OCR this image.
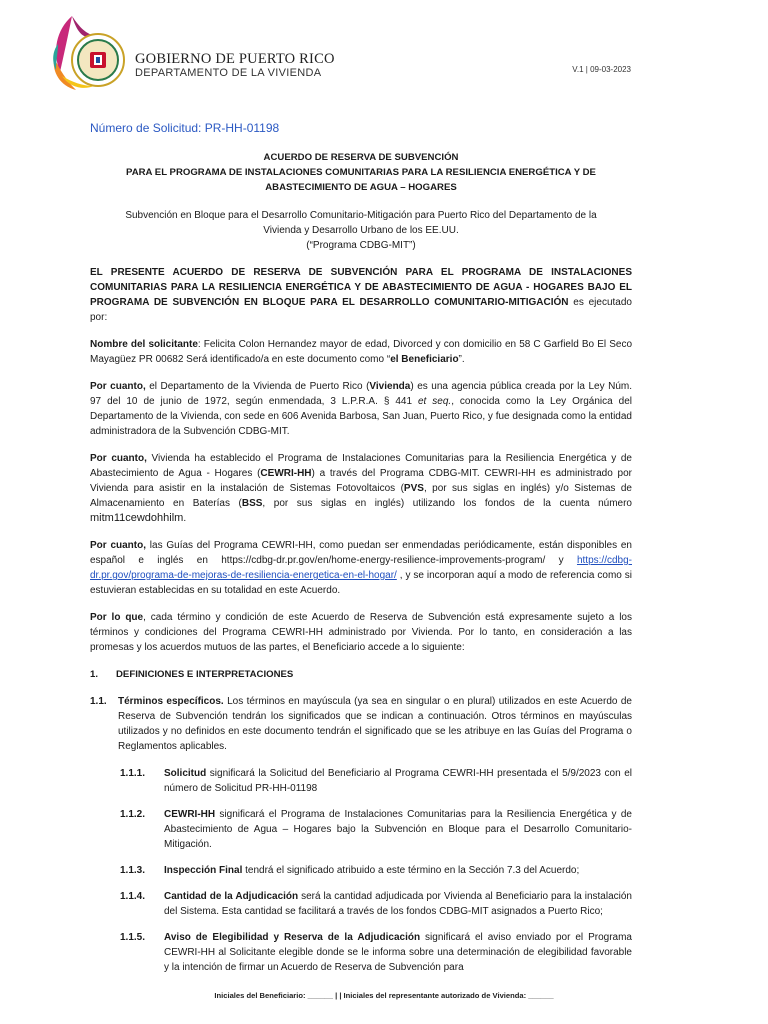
GOBIERNO DE PUERTO RICO
DEPARTAMENTO DE LA VIVIENDA	V.1 | 09-03-2023
Número de Solicitud: PR-HH-01198
ACUERDO DE RESERVA DE SUBVENCIÓN
PARA EL PROGRAMA DE INSTALACIONES COMUNITARIAS PARA LA RESILIENCIA ENERGÉTICA Y DE
ABASTECIMIENTO DE AGUA – HOGARES

Subvención en Bloque para el Desarrollo Comunitario-Mitigación para Puerto Rico del Departamento de la
Vivienda y Desarrollo Urbano de los EE.UU.
(“Programa CDBG-MIT”)

EL PRESENTE ACUERDO DE RESERVA DE SUBVENCIÓN PARA EL PROGRAMA DE INSTALACIONES COMUNITARIAS PARA LA RESILIENCIA ENERGÉTICA Y DE ABASTECIMIENTO DE AGUA - HOGARES BAJO EL PROGRAMA DE SUBVENCIÓN EN BLOQUE PARA EL DESARROLLO COMUNITARIO-MITIGACIÓN es ejecutado por:

Nombre del solicitante: Felicita Colon Hernandez mayor de edad, Divorced y con domicilio en 58 C Garfield Bo El Seco Mayagüez PR 00682 Será identificado/a en este documento como “el Beneficiario”.

Por cuanto, el Departamento de la Vivienda de Puerto Rico (Vivienda) es una agencia pública creada por la Ley Núm. 97 del 10 de junio de 1972, según enmendada, 3 L.P.R.A. § 441 et seq., conocida como la Ley Orgánica del Departamento de la Vivienda, con sede en 606 Avenida Barbosa, San Juan, Puerto Rico, y fue designada como la entidad administradora de la Subvención CDBG-MIT.

Por cuanto, Vivienda ha establecido el Programa de Instalaciones Comunitarias para la Resiliencia Energética y de Abastecimiento de Agua - Hogares (CEWRI-HH) a través del Programa CDBG-MIT. CEWRI-HH es administrado por Vivienda para asistir en la instalación de Sistemas Fotovoltaicos (PVS, por sus siglas en inglés) y/o Sistemas de Almacenamiento en Baterías (BSS, por sus siglas en inglés) utilizando los fondos de la cuenta número mitm11cewdohhilm.

Por cuanto, las Guías del Programa CEWRI-HH, como puedan ser enmendadas periódicamente, están disponibles en español e inglés en https://cdbg-dr.pr.gov/en/home-energy-resilience-improvements-program/ y https://cdbg-dr.pr.gov/programa-de-mejoras-de-resiliencia-energetica-en-el-hogar/ , y se incorporan aquí a modo de referencia como si estuvieran establecidas en su totalidad en este Acuerdo.

Por lo que, cada término y condición de este Acuerdo de Reserva de Subvención está expresamente sujeto a los términos y condiciones del Programa CEWRI-HH administrado por Vivienda. Por lo tanto, en consideración a las promesas y los acuerdos mutuos de las partes, el Beneficiario accede a lo siguiente:

1.	DEFINICIONES E INTERPRETACIONES
1.1.	Términos específicos. Los términos en mayúscula (ya sea en singular o en plural) utilizados en este Acuerdo de Reserva de Subvención tendrán los significados que se indican a continuación. Otros términos en mayúsculas utilizados y no definidos en este documento tendrán el significado que se les atribuye en las Guías del Programa o Reglamentos aplicables.
1.1.1.	Solicitud significará la Solicitud del Beneficiario al Programa CEWRI-HH presentada el 5/9/2023 con el número de Solicitud PR-HH-01198
1.1.2.	CEWRI-HH significará el Programa de Instalaciones Comunitarias para la Resiliencia Energética y de Abastecimiento de Agua – Hogares bajo la Subvención en Bloque para el Desarrollo Comunitario-Mitigación.
1.1.3.	Inspección Final tendrá el significado atribuido a este término en la Sección 7.3 del Acuerdo;
1.1.4.	Cantidad de la Adjudicación será la cantidad adjudicada por Vivienda al Beneficiario para la instalación del Sistema. Esta cantidad se facilitará a través de los fondos CDBG-MIT asignados a Puerto Rico;
1.1.5.	Aviso de Elegibilidad y Reserva de la Adjudicación significará el aviso enviado por el Programa CEWRI-HH al Solicitante elegible donde se le informa sobre una determinación de elegibilidad favorable y la intención de firmar un Acuerdo de Reserva de Subvención para
Iniciales del Beneficiario: ______ | | Iniciales del representante autorizado de Vivienda: ______
